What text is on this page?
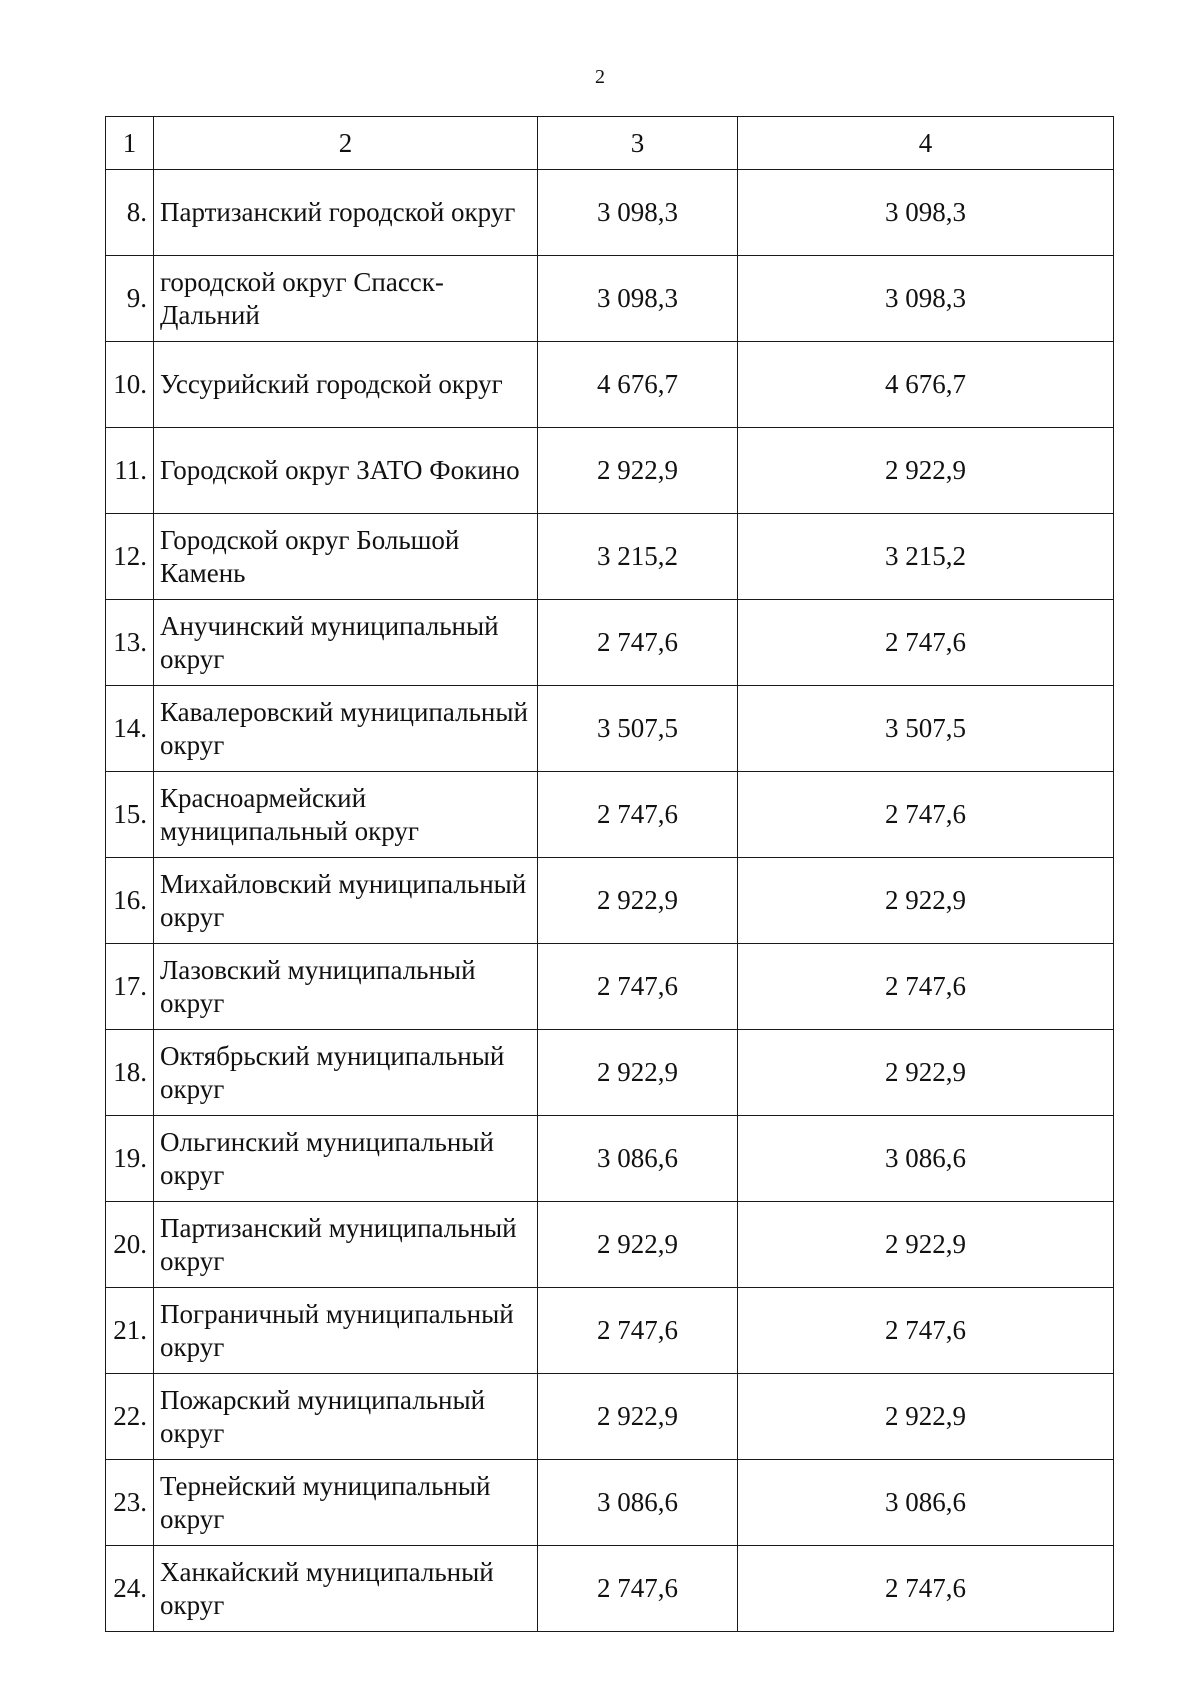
2
1	2	3	4
8.	Партизанский городской округ	3 098,3	3 098,3
9.	городской округ Спасск-Дальний	3 098,3	3 098,3
10.	Уссурийский городской округ	4 676,7	4 676,7
11.	Городской округ ЗАТО Фокино	2 922,9	2 922,9
12.	Городской округ Большой Камень	3 215,2	3 215,2
13.	Анучинский муниципальный округ	2 747,6	2 747,6
14.	Кавалеровский муниципальный округ	3 507,5	3 507,5
15.	Красноармейский муниципальный округ	2 747,6	2 747,6
16.	Михайловский муниципальный округ	2 922,9	2 922,9
17.	Лазовский муниципальный округ	2 747,6	2 747,6
18.	Октябрьский муниципальный округ	2 922,9	2 922,9
19.	Ольгинский муниципальный округ	3 086,6	3 086,6
20.	Партизанский муниципальный округ	2 922,9	2 922,9
21.	Пограничный муниципальный округ	2 747,6	2 747,6
22.	Пожарский муниципальный округ	2 922,9	2 922,9
23.	Тернейский муниципальный округ	3 086,6	3 086,6
24.	Ханкайский муниципальный округ	2 747,6	2 747,6
